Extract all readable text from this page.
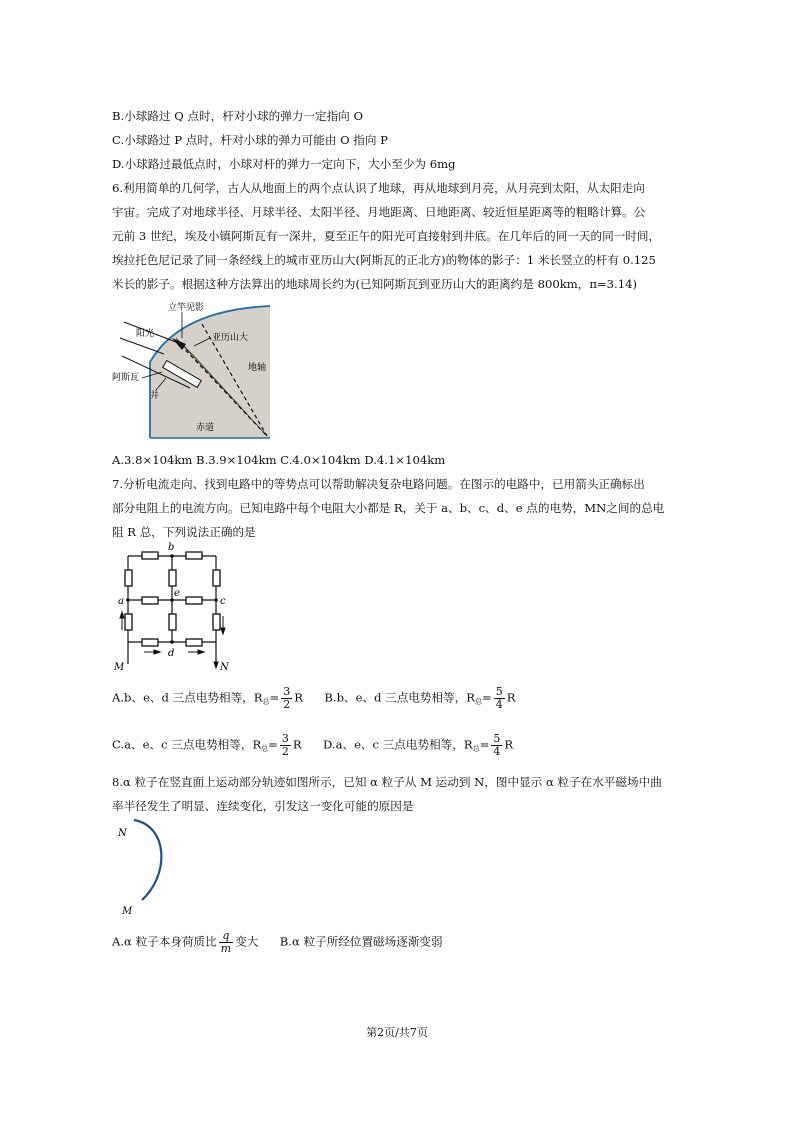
B.小球路过 Q 点时，杆对小球的弹力一定指向 O
C.小球路过 P 点时，杆对小球的弹力可能由 O 指向 P
D.小球路过最低点时，小球对杆的弹力一定向下，大小至少为 6mg
6.利用简单的几何学，古人从地面上的两个点认识了地球，再从地球到月亮，从月亮到太阳，从太阳走向
宇宙。完成了对地球半径、月球半径、太阳半径、月地距离、日地距离、较近恒星距离等的粗略计算。公
元前 3 世纪，埃及小镇阿斯瓦有一深井，夏至正午的阳光可直接射到井底。在几年后的同一天的同一时间，
埃拉托色尼记录了同一条经线上的城市亚历山大(阿斯瓦的正北方)的物体的影子：1 米长竖立的杆有 0.125
米长的影子。根据这种方法算出的地球周长约为(已知阿斯瓦到亚历山大的距离约是 800km，π=3.14)
立竿见影
阳光	亚历山大
地轴
阿斯瓦
井
赤道
A.3.8×104km B.3.9×104km C.4.0×104km D.4.1×104km
7.分析电流走向、找到电路中的等势点可以帮助解决复杂电路问题。在图示的电路中，已用箭头正确标出
部分电阻上的电流方向。已知电路中每个电阻大小都是 R，关于 a、b、c、d、e 点的电势，MN之间的总电
阻 R 总，下列说法正确的是
b
a
e
c
d
M	N
A.b、e、d 三点电势相等，$R_总= \frac{3}{2}$ R B.b、e、d 三点电势相等，$R_总= \frac{5}{4}$ R
C.a、e、c 三点电势相等，$R_总= \frac{3}{2}$ R D.a、e、c 三点电势相等，$R_总= \frac{5}{4}$ R
8.α 粒子在竖直面上运动部分轨迹如图所示，已知 α 粒子从 M 运动到 N，图中显示 α 粒子在水平磁场中曲
率半径发生了明显、连续变化，引发这一变化可能的原因是
N
M
A.α 粒子本身荷质比 $\frac{q}{m}$ 变大 B.α 粒子所经位置磁场逐渐变弱
第2页/共7页
